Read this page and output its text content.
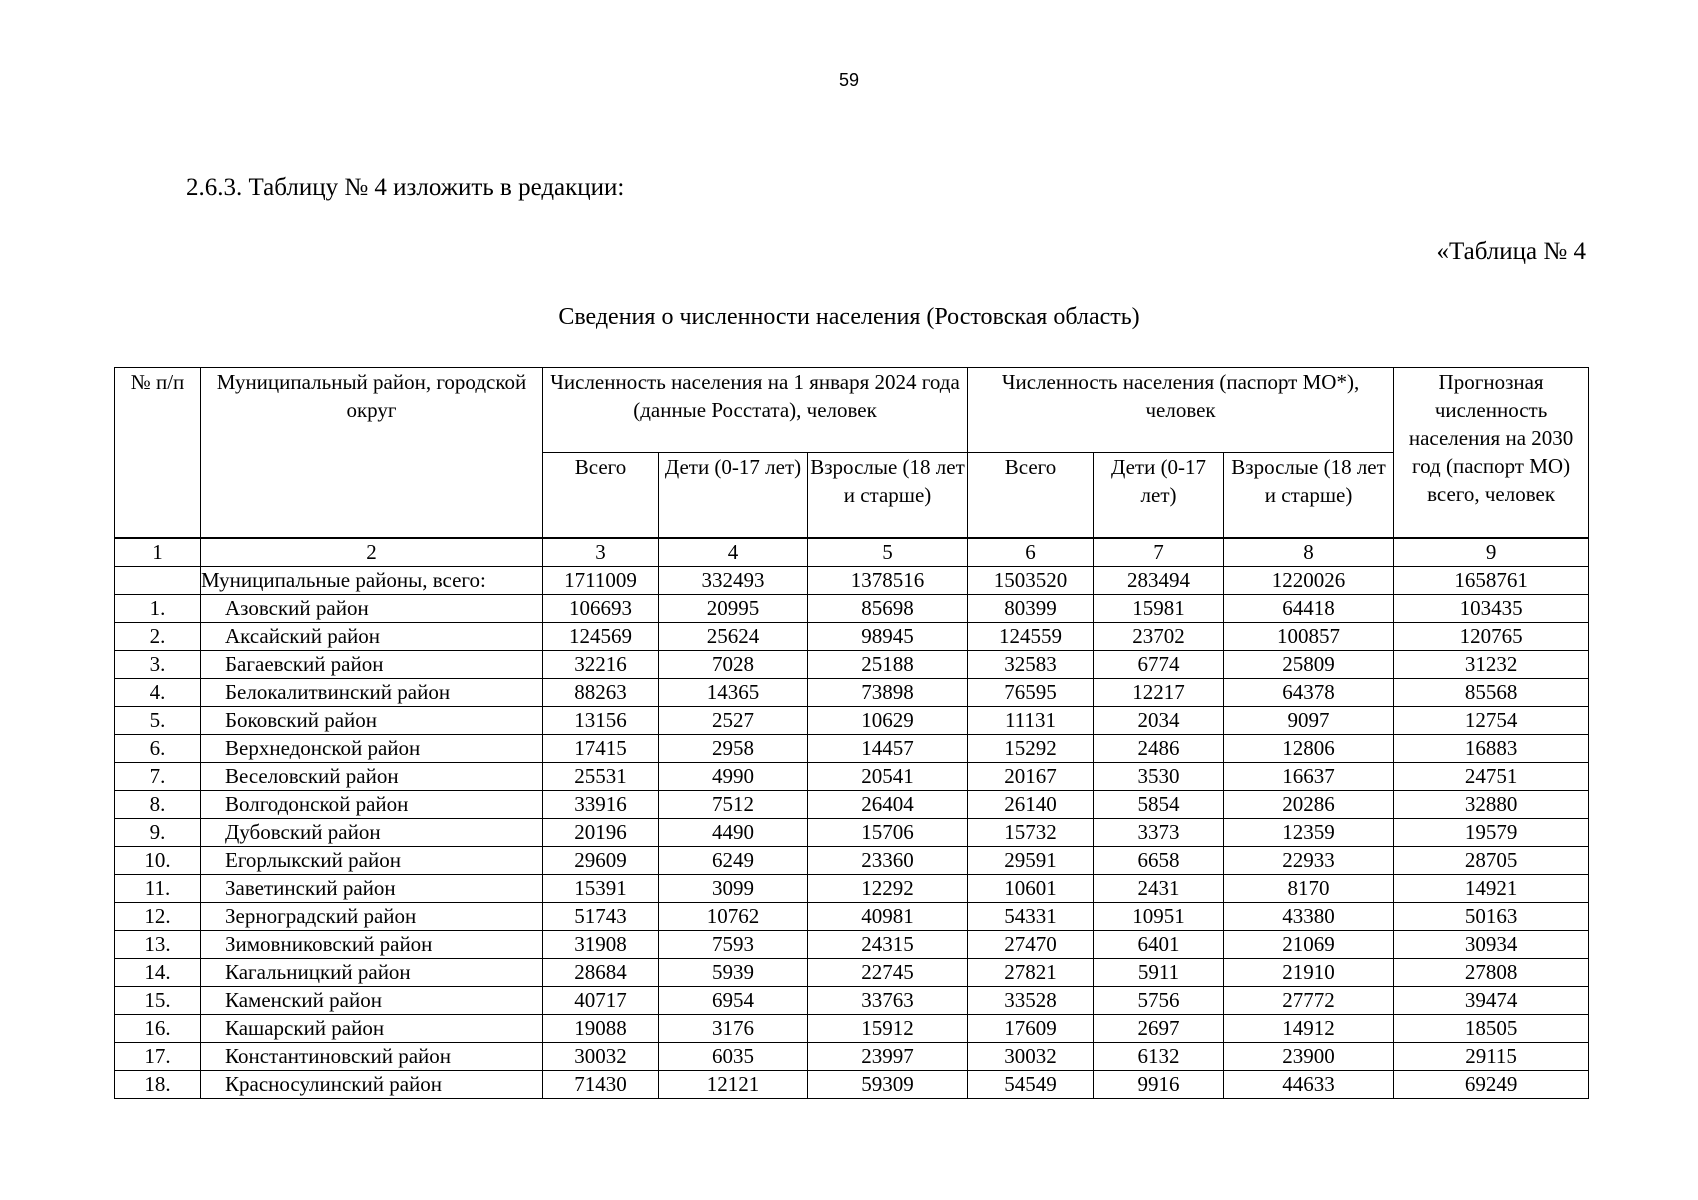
59
2.6.3. Таблицу № 4 изложить в редакции:
«Таблица № 4
Сведения о численности населения (Ростовская область)
№ п/п	Муниципальный район, городской округ	Численность населения на 1 января 2024 года (данные Росстата), человек			Численность населения (паспорт МО*), человек			Прогнозная численность населения на 2030 год (паспорт МО) всего, человек
		Всего	Дети (0-17 лет)	Взрослые (18 лет и старше)	Всего	Дети (0-17 лет)	Взрослые (18 лет и старше)	
1	2	3	4	5	6	7	8	9
	Муниципальные районы, всего:	1711009	332493	1378516	1503520	283494	1220026	1658761
1.	Азовский район	106693	20995	85698	80399	15981	64418	103435
2.	Аксайский район	124569	25624	98945	124559	23702	100857	120765
3.	Багаевский район	32216	7028	25188	32583	6774	25809	31232
4.	Белокалитвинский район	88263	14365	73898	76595	12217	64378	85568
5.	Боковский район	13156	2527	10629	11131	2034	9097	12754
6.	Верхнедонской район	17415	2958	14457	15292	2486	12806	16883
7.	Веселовский район	25531	4990	20541	20167	3530	16637	24751
8.	Волгодонской район	33916	7512	26404	26140	5854	20286	32880
9.	Дубовский район	20196	4490	15706	15732	3373	12359	19579
10.	Егорлыкский район	29609	6249	23360	29591	6658	22933	28705
11.	Заветинский район	15391	3099	12292	10601	2431	8170	14921
12.	Зерноградский район	51743	10762	40981	54331	10951	43380	50163
13.	Зимовниковский район	31908	7593	24315	27470	6401	21069	30934
14.	Кагальницкий район	28684	5939	22745	27821	5911	21910	27808
15.	Каменский район	40717	6954	33763	33528	5756	27772	39474
16.	Кашарский район	19088	3176	15912	17609	2697	14912	18505
17.	Константиновский район	30032	6035	23997	30032	6132	23900	29115
18.	Красносулинский район	71430	12121	59309	54549	9916	44633	69249
